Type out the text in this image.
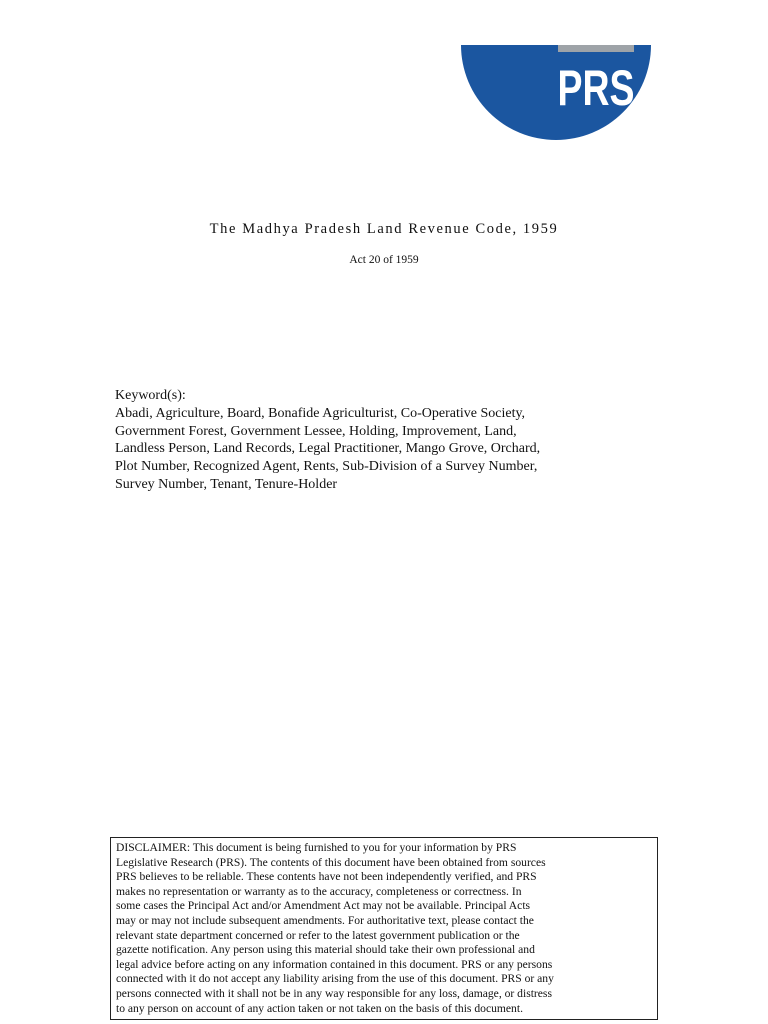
PRS
The Madhya Pradesh Land Revenue Code, 1959
Act 20 of 1959
Keyword(s):
Abadi, Agriculture, Board, Bonafide Agriculturist, Co-Operative Society,
Government Forest, Government Lessee, Holding, Improvement, Land,
Landless Person, Land Records, Legal Practitioner, Mango Grove, Orchard,
Plot Number, Recognized Agent, Rents, Sub-Division of a Survey Number,
Survey Number, Tenant, Tenure-Holder
DISCLAIMER: This document is being furnished to you for your information by PRS
Legislative Research (PRS). The contents of this document have been obtained from sources
PRS believes to be reliable. These contents have not been independently verified, and PRS
makes no representation or warranty as to the accuracy, completeness or correctness. In
some cases the Principal Act and/or Amendment Act may not be available. Principal Acts
may or may not include subsequent amendments. For authoritative text, please contact the
relevant state department concerned or refer to the latest government publication or the
gazette notification. Any person using this material should take their own professional and
legal advice before acting on any information contained in this document. PRS or any persons
connected with it do not accept any liability arising from the use of this document. PRS or any
persons connected with it shall not be in any way responsible for any loss, damage, or distress
to any person on account of any action taken or not taken on the basis of this document.
